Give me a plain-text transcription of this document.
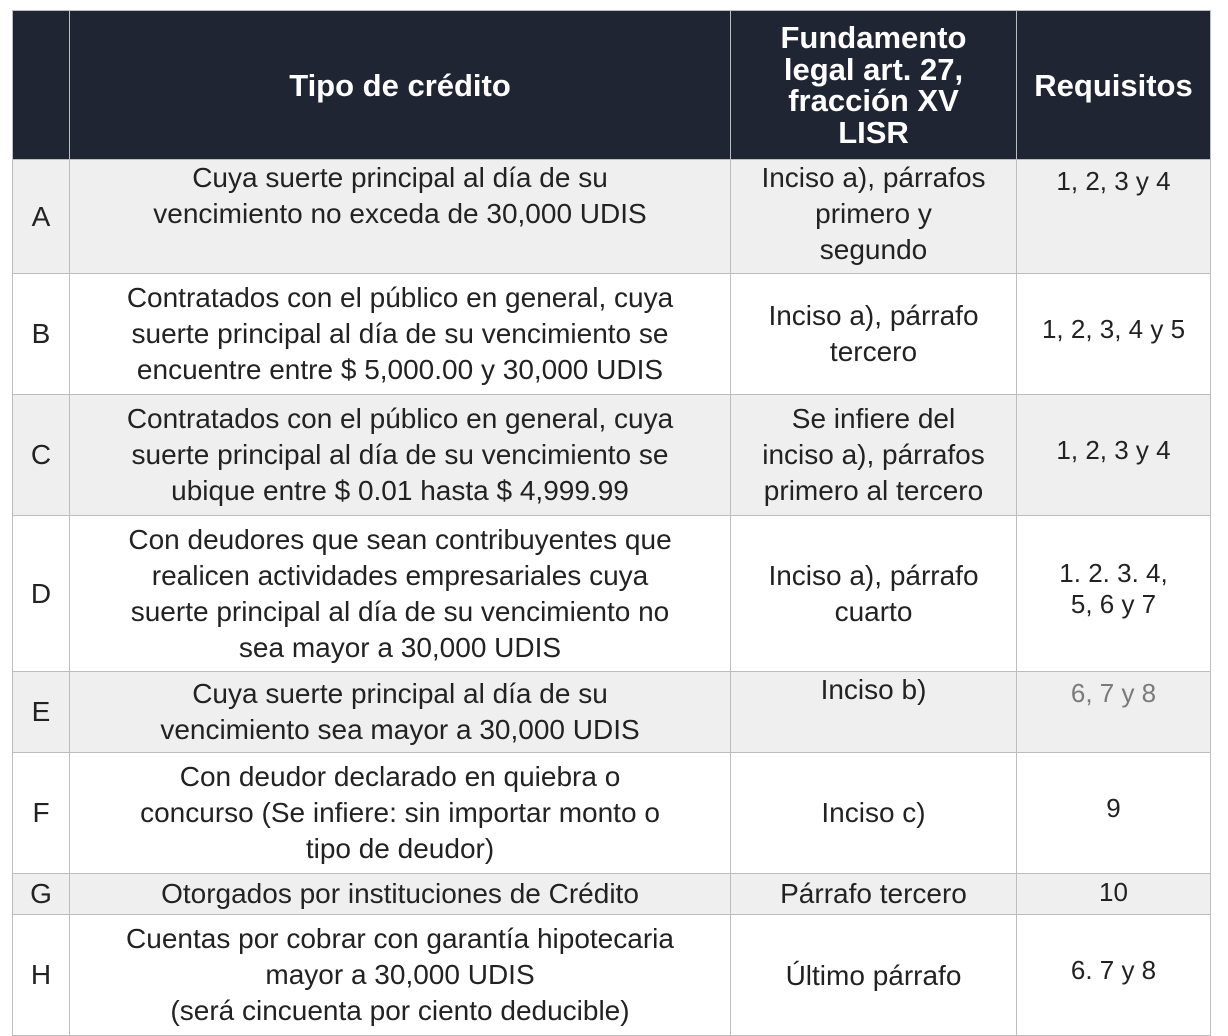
	Tipo de crédito	Fundamento
legal art. 27,
fracción XV
LISR	Requisitos
A	Cuya suerte principal al día de su
vencimiento no exceda de 30,000 UDIS	Inciso a), párrafos
primero y
segundo	1, 2, 3 y 4

B	Contratados con el público en general, cuya
suerte principal al día de su vencimiento se
encuentre entre $ 5,000.00 y 30,000 UDIS	Inciso a), párrafo
tercero	1, 2, 3, 4 y 5

C	Contratados con el público en general, cuya
suerte principal al día de su vencimiento se
ubique entre $ 0.01 hasta $ 4,999.99	Se infiere del
inciso a), párrafos
primero al tercero	1, 2, 3 y 4

D	Con deudores que sean contribuyentes que
realicen actividades empresariales cuya
suerte principal al día de su vencimiento no
sea mayor a 30,000 UDIS	Inciso a), párrafo
cuarto	1. 2. 3. 4,
5, 6 y 7

E	Cuya suerte principal al día de su
vencimiento sea mayor a 30,000 UDIS	Inciso b)	6, 7 y 8

F	Con deudor declarado en quiebra o
concurso (Se infiere: sin importar monto o
tipo de deudor)	Inciso c)	9

G	Otorgados por instituciones de Crédito	Párrafo tercero	10

H	Cuentas por cobrar con garantía hipotecaria
mayor a 30,000 UDIS
(será cincuenta por ciento deducible)	Último párrafo	6. 7 y 8
